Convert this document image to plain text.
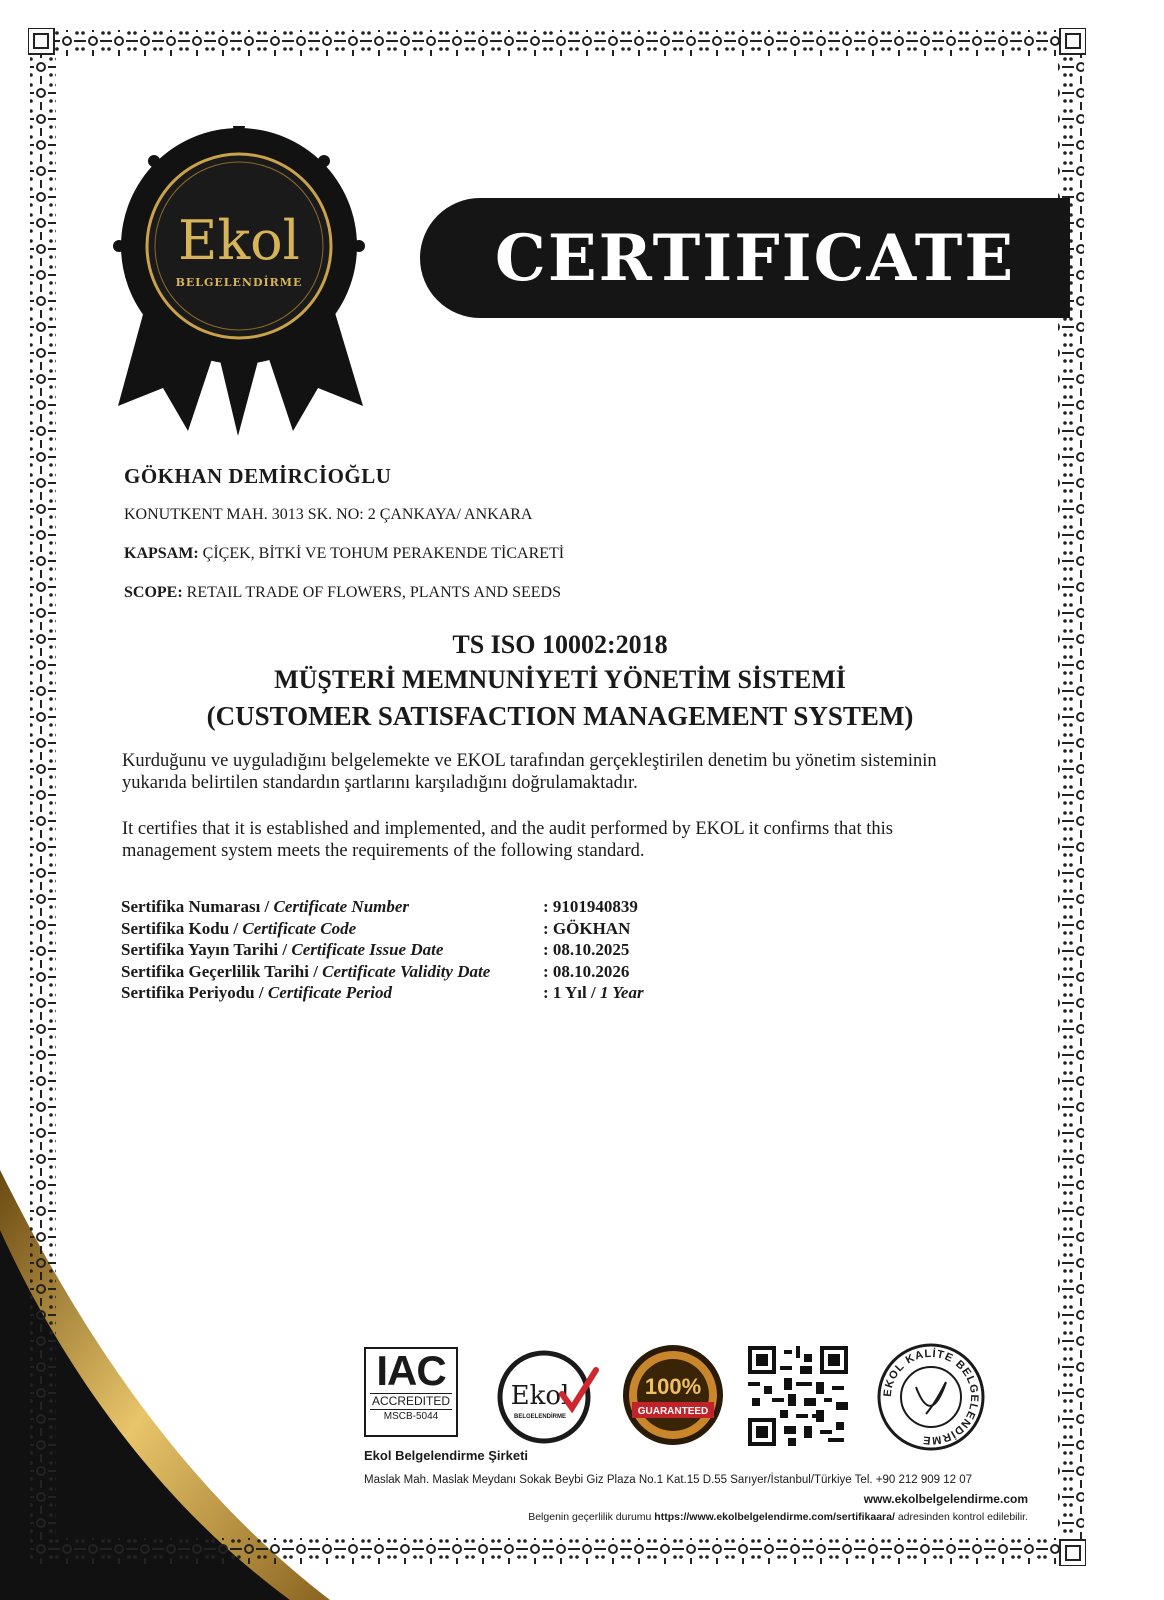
Ekol
BELGELENDİRME	CERTIFICATE
GÖKHAN DEMİRCİOĞLU
KONUTKENT MAH. 3013 SK. NO: 2 ÇANKAYA/ ANKARA
KAPSAM: ÇİÇEK, BİTKİ VE TOHUM PERAKENDE TİCARETİ
SCOPE: RETAIL TRADE OF FLOWERS, PLANTS AND SEEDS
TS ISO 10002:2018
MÜŞTERİ MEMNUNİYETİ YÖNETİM SİSTEMİ
(CUSTOMER SATISFACTION MANAGEMENT SYSTEM)
Kurduğunu ve uyguladığını belgelemekte ve EKOL tarafından gerçekleştirilen denetim bu yönetim sisteminin yukarıda belirtilen standardın şartlarını karşıladığını doğrulamaktadır.
It certifies that it is established and implemented, and the audit performed by EKOL it confirms that this management system meets the requirements of the following standard.
Sertifika Numarası / Certificate Number	: 9101940839
Sertifika Kodu / Certificate Code	: GÖKHAN
Sertifika Yayın Tarihi / Certificate Issue Date	: 08.10.2025
Sertifika Geçerlilik Tarihi / Certificate Validity Date	: 08.10.2026
Sertifika Periyodu / Certificate Period	: 1 Yıl / 1 Year
IAC
ACCREDITED
MSCB-5044
Ekol
BELGELENDİRME
100%
GUARANTEED
EKOL KALİTE BELGELENDİRME
Ekol Belgelendirme Şirketi
Maslak Mah. Maslak Meydanı Sokak Beybi Giz Plaza No.1 Kat.15 D.55 Sarıyer/İstanbul/Türkiye Tel. +90 212 909 12 07
www.ekolbelgelendirme.com
Belgenin geçerlilik durumu https://www.ekolbelgelendirme.com/sertifikaara/ adresinden kontrol edilebilir.
